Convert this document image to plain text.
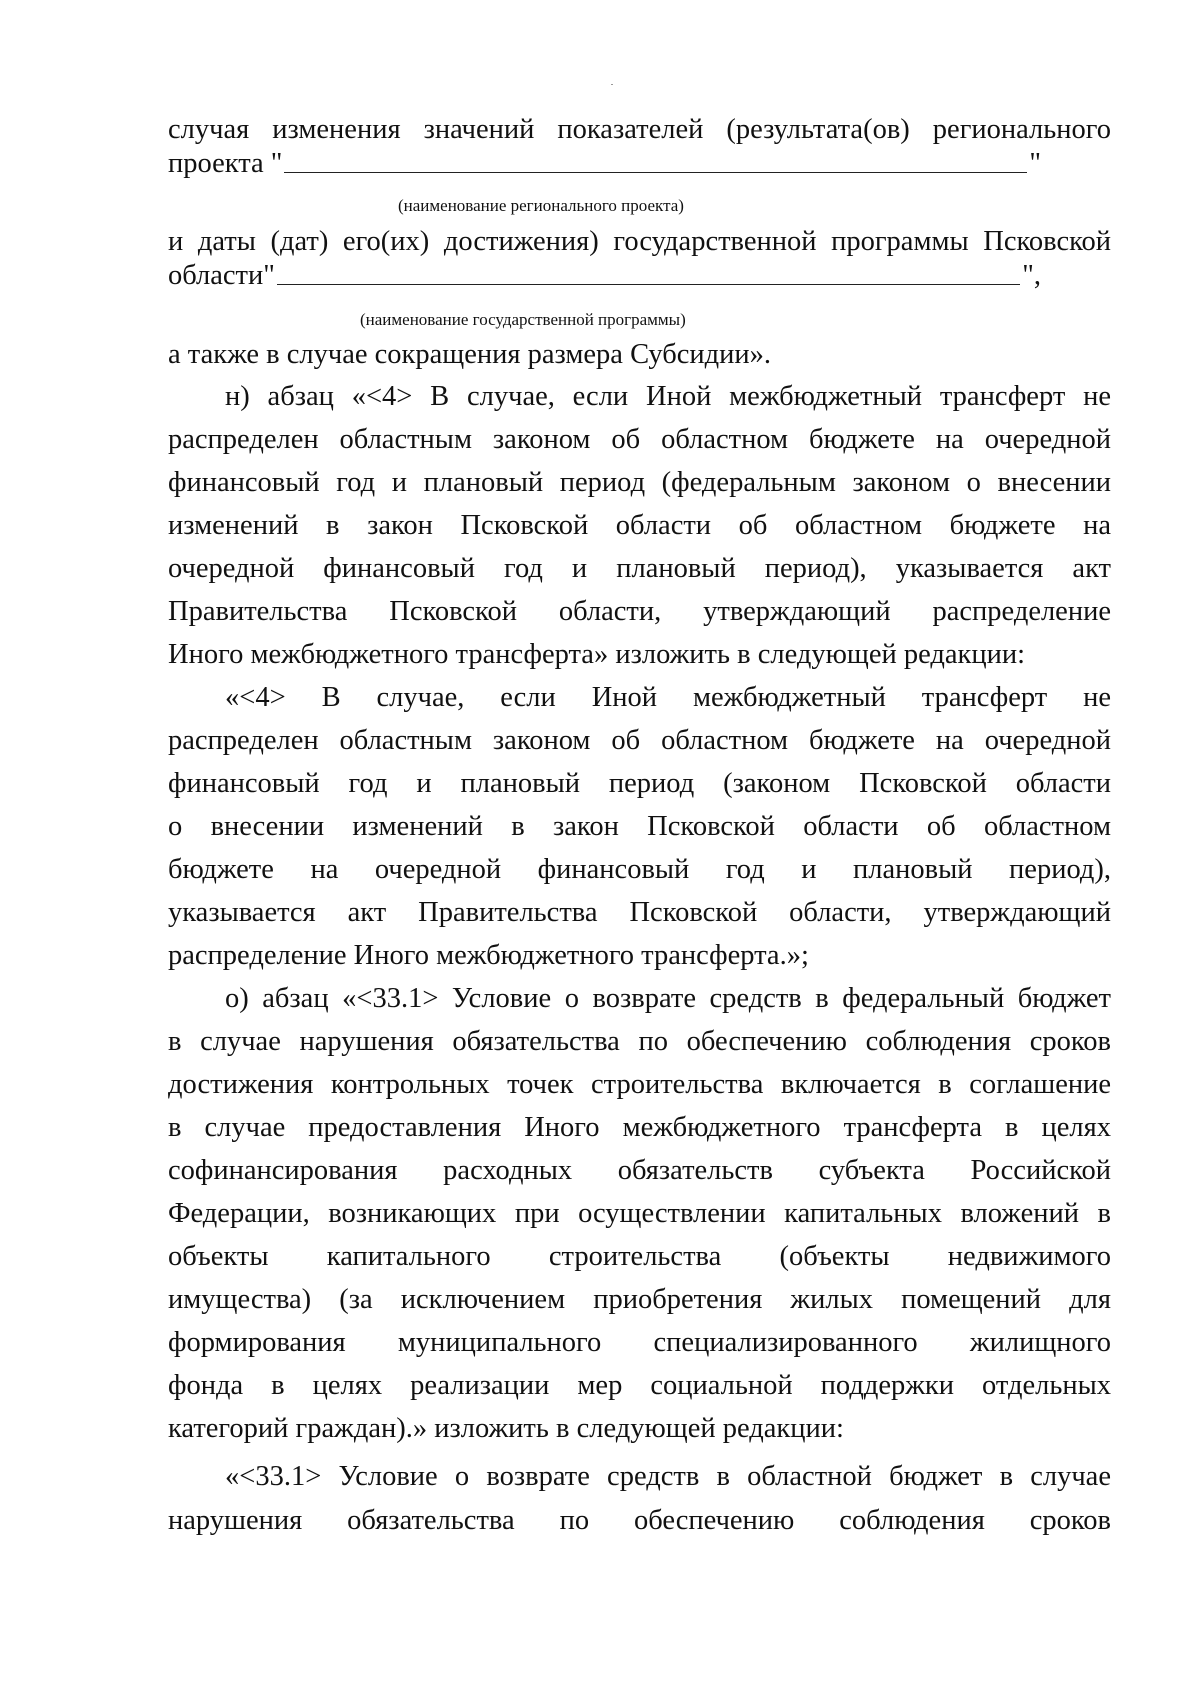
случая изменения значений показателей (результата(ов) регионального
проекта "	"
(наименование регионального проекта)
и даты (дат) его(их) достижения) государственной программы Псковской
области"	",
(наименование государственной программы)
а также в случае сокращения размера Субсидии».
н) абзац «<4> В случае, если Иной межбюджетный трансферт не
распределен областным законом об областном бюджете на очередной
финансовый год и плановый период (федеральным законом о внесении
изменений в закон Псковской области об областном бюджете на
очередной финансовый год и плановый период), указывается акт
Правительства Псковской области, утверждающий распределение
Иного межбюджетного трансферта» изложить в следующей редакции:
«<4> В случае, если Иной межбюджетный трансферт не
распределен областным законом об областном бюджете на очередной
финансовый год и плановый период (законом Псковской области
о внесении изменений в закон Псковской области об областном
бюджете на очередной финансовый год и плановый период),
указывается акт Правительства Псковской области, утверждающий
распределение Иного межбюджетного трансферта.»;
о) абзац «<33.1> Условие о возврате средств в федеральный бюджет
в случае нарушения обязательства по обеспечению соблюдения сроков
достижения контрольных точек строительства включается в соглашение
в случае предоставления Иного межбюджетного трансферта в целях
софинансирования расходных обязательств субъекта Российской
Федерации, возникающих при осуществлении капитальных вложений в
объекты капитального строительства (объекты недвижимого
имущества) (за исключением приобретения жилых помещений для
формирования муниципального специализированного жилищного
фонда в целях реализации мер социальной поддержки отдельных
категорий граждан).» изложить в следующей редакции:
«<33.1> Условие о возврате средств в областной бюджет в случае
нарушения обязательства по обеспечению соблюдения сроков
